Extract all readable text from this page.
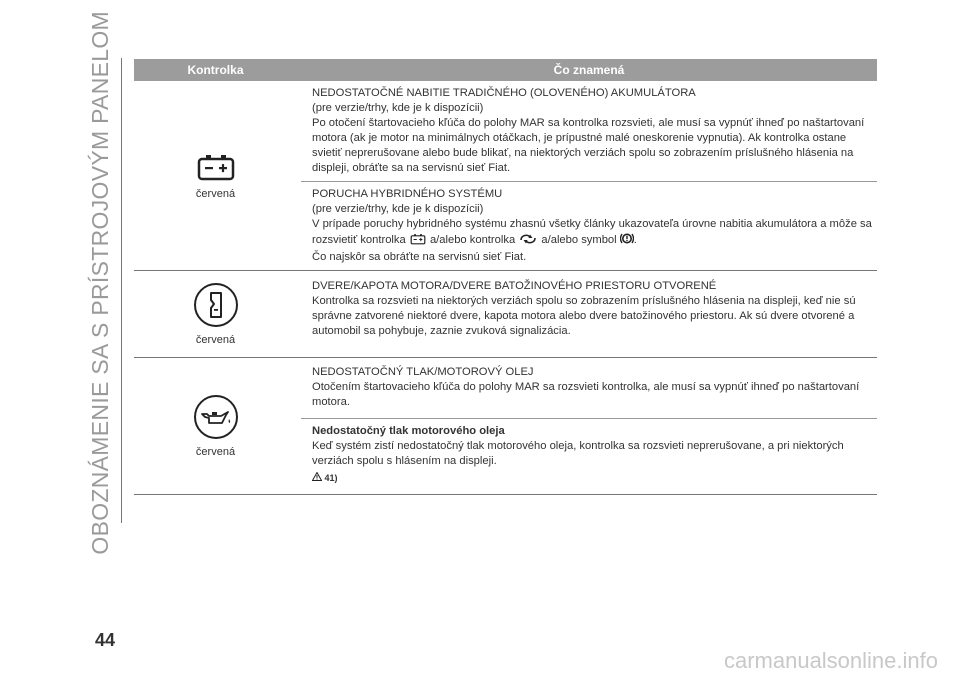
OBOZNÁMENIE SA S PRÍSTROJOVÝM PANELOM	Kontrolka	Čo znamená
červená
NEDOSTATOČNÉ NABITIE TRADIČNÉHO (OLOVENÉHO) AKUMULÁTORA
(pre verzie/trhy, kde je k dispozícii)
Po otočení štartovacieho kľúča do polohy MAR sa kontrolka rozsvieti, ale musí sa vypnúť ihneď po naštartovaní motora (ak je motor na minimálnych otáčkach, je prípustné malé oneskorenie vypnutia). Ak kontrolka ostane svietiť neprerušovane alebo bude blikať, na niektorých verziách spolu so zobrazením príslušného hlásenia na displeji, obráťte sa na servisnú sieť Fiat.
PORUCHA HYBRIDNÉHO SYSTÉMU
(pre verzie/trhy, kde je k dispozícii)
V prípade poruchy hybridného systému zhasnú všetky články ukazovateľa úrovne nabitia akumulátora a môže sa rozsvietiť kontrolka a/alebo kontrolka a/alebo symbol .
Čo najskôr sa obráťte na servisnú sieť Fiat.
červená
DVERE/KAPOTA MOTORA/DVERE BATOŽINOVÉHO PRIESTORU OTVORENÉ
Kontrolka sa rozsvieti na niektorých verziách spolu so zobrazením príslušného hlásenia na displeji, keď nie sú správne zatvorené niektoré dvere, kapota motora alebo dvere batožinového priestoru. Ak sú dvere otvorené a automobil sa pohybuje, zaznie zvuková signalizácia.
červená
NEDOSTATOČNÝ TLAK/MOTOROVÝ OLEJ
Otočením štartovacieho kľúča do polohy MAR sa rozsvieti kontrolka, ale musí sa vypnúť ihneď po naštartovaní motora.
Nedostatočný tlak motorového oleja
Keď systém zistí nedostatočný tlak motorového oleja, kontrolka sa rozsvieti neprerušovane, a pri niektorých verziách spolu s hlásením na displeji.
41)
44
carmanualsonline.info
